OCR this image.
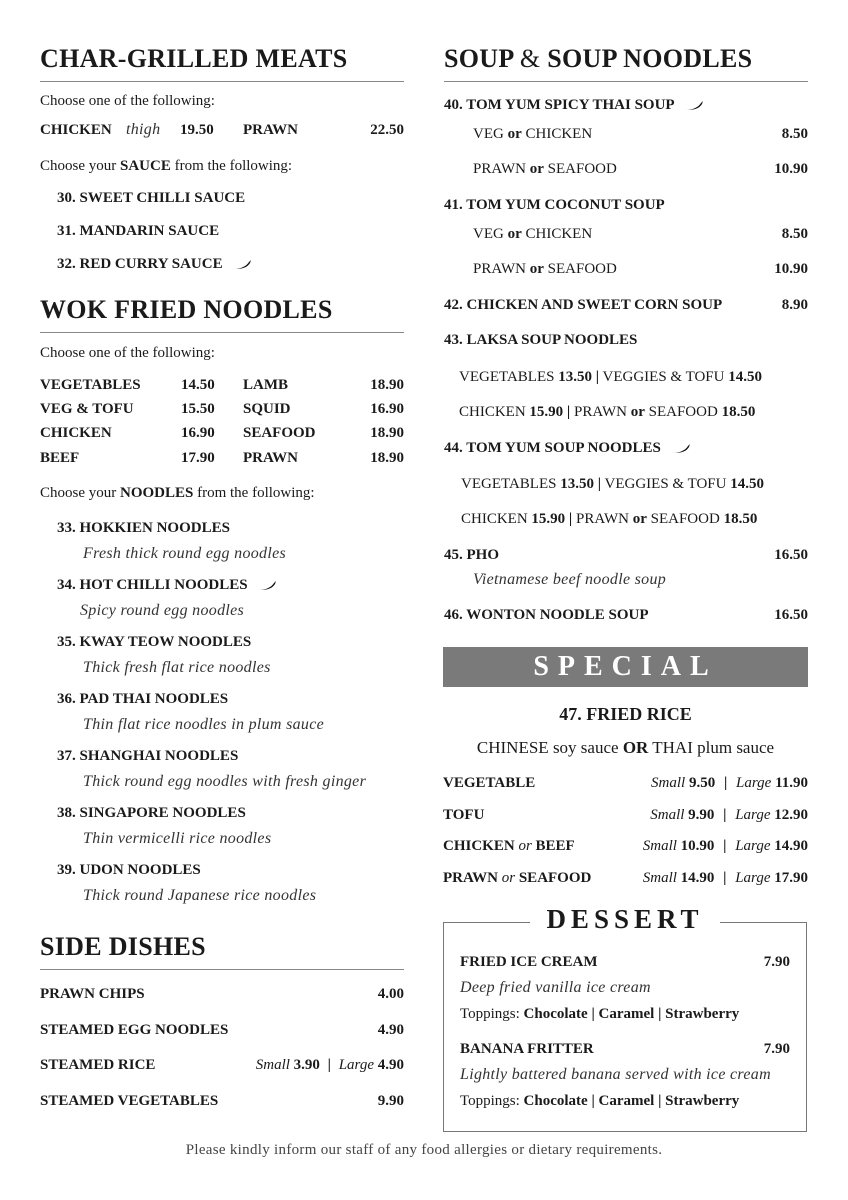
CHAR-GRILLED MEATS
Choose one of the following:
CHICKEN thigh 19.50 PRAWN	22.50
Choose your SAUCE from the following:
30. SWEET CHILLI SAUCE
31. MANDARIN SAUCE
32. RED CURRY SAUCE
WOK FRIED NOODLES
Choose one of the following:
VEGETABLES	14.50 LAMB	18.90
VEG & TOFU	15.50 SQUID	16.90
CHICKEN	16.90 SEAFOOD	18.90
BEEF	17.90 PRAWN	18.90
Choose your NOODLES from the following:
33. HOKKIEN NOODLES
Fresh thick round egg noodles
34. HOT CHILLI NOODLES
Spicy round egg noodles
35. KWAY TEOW NOODLES
Thick fresh flat rice noodles
36. PAD THAI NOODLES
Thin flat rice noodles in plum sauce
37. SHANGHAI NOODLES
Thick round egg noodles with fresh ginger
38. SINGAPORE NOODLES
Thin vermicelli rice noodles
39. UDON NOODLES
Thick round Japanese rice noodles
SIDE DISHES
PRAWN CHIPS	4.00
STEAMED EGG NOODLES	4.90
STEAMED RICE	Small 3.90 | Large 4.90
STEAMED VEGETABLES	9.90
SOUP & SOUP NOODLES
40. TOM YUM SPICY THAI SOUP
VEG or CHICKEN	8.50
PRAWN or SEAFOOD	10.90
41. TOM YUM COCONUT SOUP
VEG or CHICKEN	8.50
PRAWN or SEAFOOD	10.90
42. CHICKEN AND SWEET CORN SOUP	8.90
43. LAKSA SOUP NOODLES
VEGETABLES 13.50 | VEGGIES & TOFU 14.50
CHICKEN 15.90 | PRAWN or SEAFOOD 18.50
44. TOM YUM SOUP NOODLES
VEGETABLES 13.50 | VEGGIES & TOFU 14.50
CHICKEN 15.90 | PRAWN or SEAFOOD 18.50
45. PHO	16.50
Vietnamese beef noodle soup
46. WONTON NOODLE SOUP	16.50
SPECIAL
47. FRIED RICE
CHINESE soy sauce OR THAI plum sauce
VEGETABLE	Small 9.50 | Large 11.90
TOFU	Small 9.90 | Large 12.90
CHICKEN or BEEF	Small 10.90 | Large 14.90
PRAWN or SEAFOOD	Small 14.90 | Large 17.90
DESSERT
FRIED ICE CREAM	7.90
Deep fried vanilla ice cream
Toppings: Chocolate | Caramel | Strawberry
BANANA FRITTER	7.90
Lightly battered banana served with ice cream
Toppings: Chocolate | Caramel | Strawberry
Please kindly inform our staff of any food allergies or dietary requirements.
